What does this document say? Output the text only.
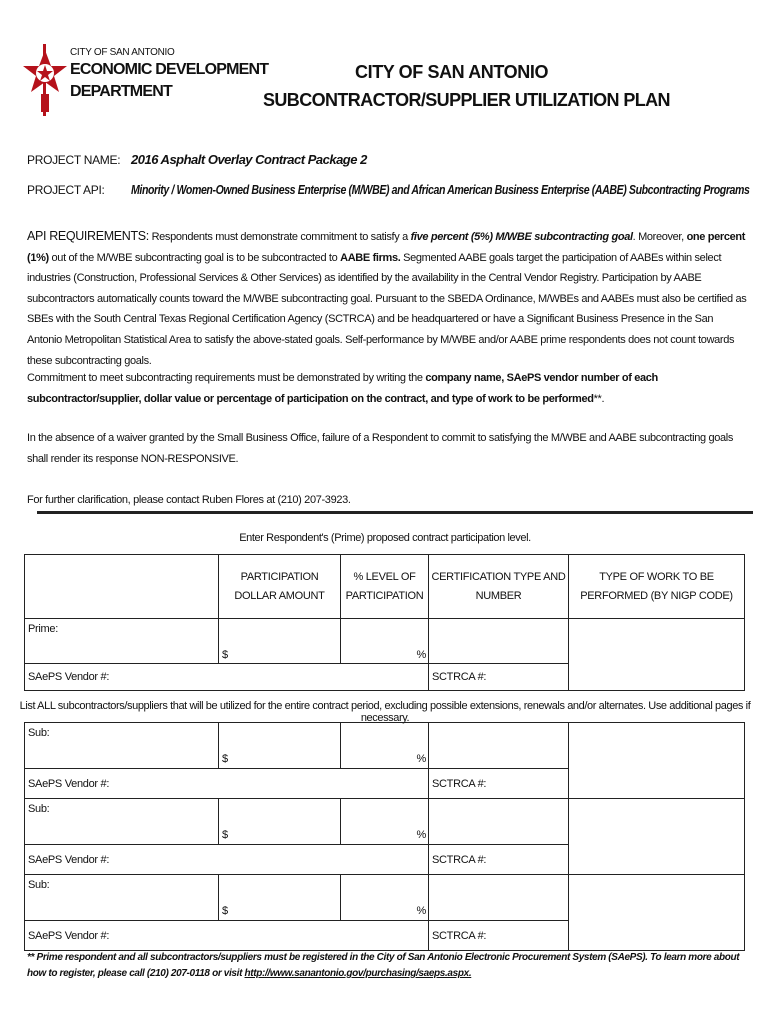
CITY OF SAN ANTONIO
ECONOMIC DEVELOPMENT
DEPARTMENT
CITY OF SAN ANTONIO
SUBCONTRACTOR/SUPPLIER UTILIZATION PLAN
PROJECT NAME: 2016 Asphalt Overlay Contract Package 2
PROJECT API: Minority / Women-Owned Business Enterprise (M/WBE) and African American Business Enterprise (AABE) Subcontracting Programs
API REQUIREMENTS: Respondents must demonstrate commitment to satisfy a five percent (5%) M/WBE subcontracting goal. Moreover, one percent (1%) out of the M/WBE subcontracting goal is to be subcontracted to AABE firms. Segmented AABE goals target the participation of AABEs within select industries (Construction, Professional Services & Other Services) as identified by the availability in the Central Vendor Registry. Participation by AABE subcontractors automatically counts toward the M/WBE subcontracting goal. Pursuant to the SBEDA Ordinance, M/WBEs and AABEs must also be certified as SBEs with the South Central Texas Regional Certification Agency (SCTRCA) and be headquartered or have a Significant Business Presence in the San Antonio Metropolitan Statistical Area to satisfy the above-stated goals. Self-performance by M/WBE and/or AABE prime respondents does not count towards these subcontracting goals.
Commitment to meet subcontracting requirements must be demonstrated by writing the company name, SAePS vendor number of each subcontractor/supplier, dollar value or percentage of participation on the contract, and type of work to be performed**.
In the absence of a waiver granted by the Small Business Office, failure of a Respondent to commit to satisfying the M/WBE and AABE subcontracting goals shall render its response NON-RESPONSIVE.
For further clarification, please contact Ruben Flores at (210) 207-3923.
Enter Respondent's (Prime) proposed contract participation level.
	PARTICIPATION DOLLAR AMOUNT	% LEVEL OF PARTICIPATION	CERTIFICATION TYPE AND NUMBER	TYPE OF WORK TO BE PERFORMED (BY NIGP CODE)
Prime:	$	%		

SAePS Vendor #:			SCTRCA #:	
List ALL subcontractors/suppliers that will be utilized for the entire contract period, excluding possible extensions, renewals and/or alternates. Use additional pages if necessary.
Sub:	$	%		

SAePS Vendor #:			SCTRCA #:	
Sub:	$	%		

SAePS Vendor #:			SCTRCA #:	
Sub:	$	%		

SAePS Vendor #:			SCTRCA #:	
** Prime respondent and all subcontractors/suppliers must be registered in the City of San Antonio Electronic Procurement System (SAePS). To learn more about how to register, please call (210) 207-0118 or visit http://www.sanantonio.gov/purchasing/saeps.aspx.
